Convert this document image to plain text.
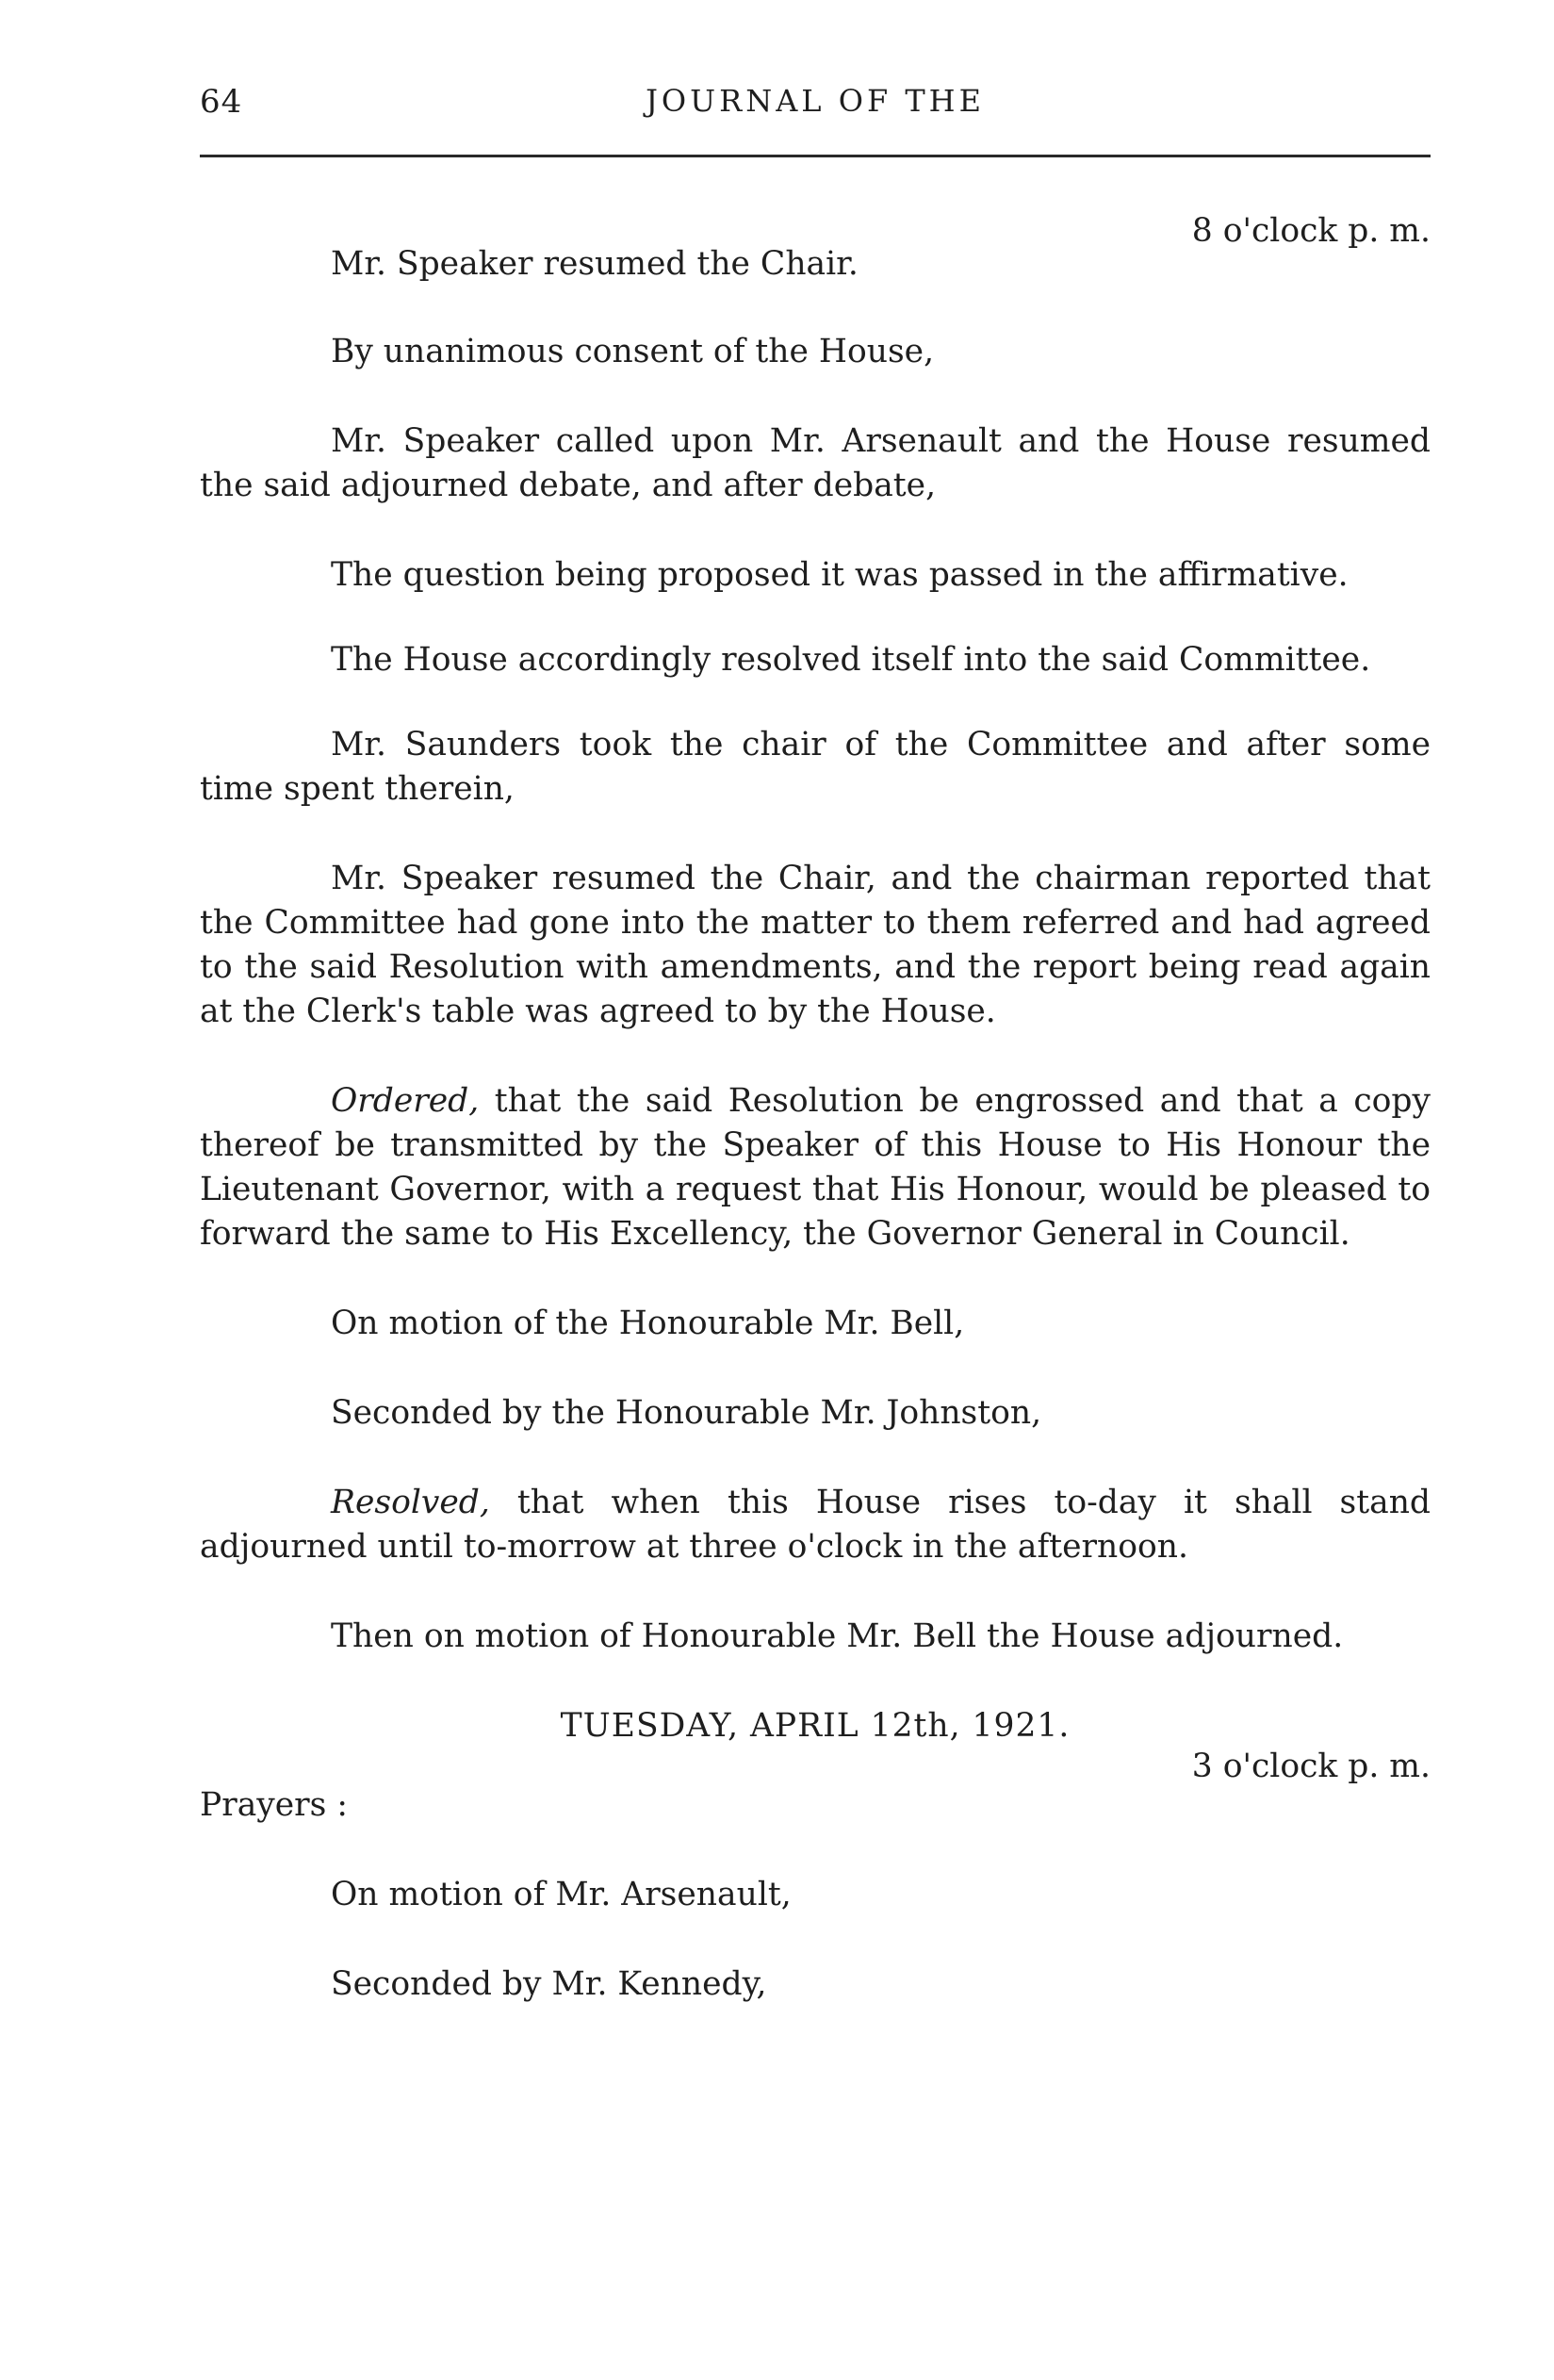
64	JOURNAL OF THE

8 o'clock p. m.

Mr. Speaker resumed the Chair.

By unanimous consent of the House,

Mr. Speaker called upon Mr. Arsenault and the House resumed the said adjourned debate, and after debate,

The question being proposed it was passed in the affirmative.

The House accordingly resolved itself into the said Committee.

Mr. Saunders took the chair of the Committee and after some time spent therein,

Mr. Speaker resumed the Chair, and the chairman reported that the Committee had gone into the matter to them referred and had agreed to the said Resolution with amendments, and the report being read again at the Clerk's table was agreed to by the House.

Ordered, that the said Resolution be engrossed and that a copy thereof be transmitted by the Speaker of this House to His Honour the Lieutenant Governor, with a request that His Honour, would be pleased to forward the same to His Excellency, the Governor General in Council.

On motion of the Honourable Mr. Bell,

Seconded by the Honourable Mr. Johnston,

Resolved, that when this House rises to-day it shall stand adjourned until to-morrow at three o'clock in the afternoon.

Then on motion of Honourable Mr. Bell the House adjourned.

TUESDAY, APRIL 12th, 1921.

3 o'clock p. m.

Prayers :

On motion of Mr. Arsenault,

Seconded by Mr. Kennedy,
